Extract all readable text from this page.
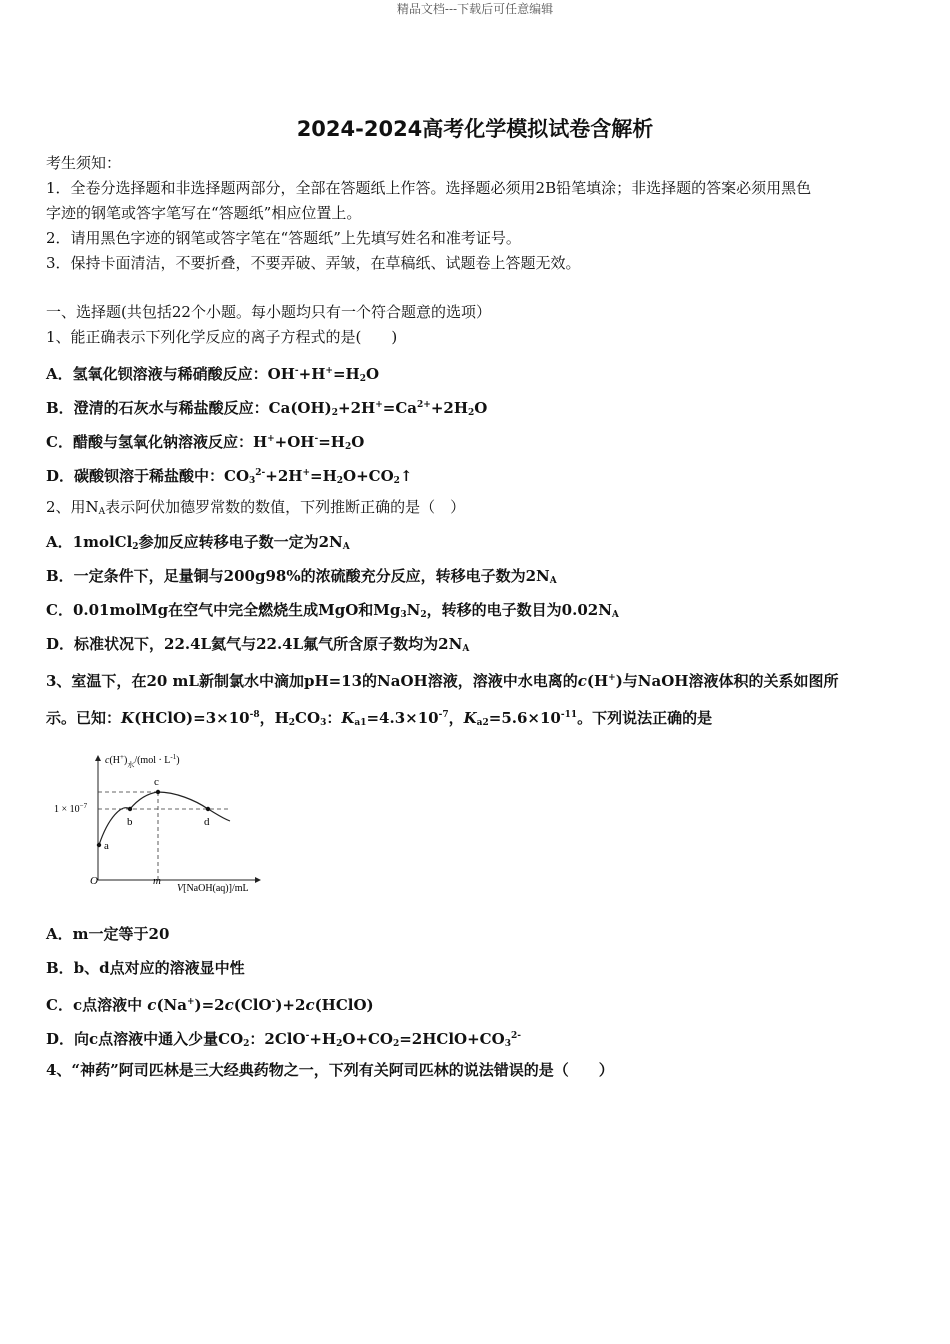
精品文档---下载后可任意编辑
2024-2024高考化学模拟试卷含解析
考生须知：
1．全卷分选择题和非选择题两部分，全部在答题纸上作答。选择题必须用2B铅笔填涂；非选择题的答案必须用黑色
字迹的钢笔或答字笔写在“答题纸”相应位置上。
2．请用黑色字迹的钢笔或答字笔在“答题纸”上先填写姓名和准考证号。
3．保持卡面清洁，不要折叠，不要弄破、弄皱，在草稿纸、试题卷上答题无效。
一、选择题(共包括22个小题。每小题均只有一个符合题意的选项）
1、能正确表示下列化学反应的离子方程式的是(　　)
A．氢氧化钡溶液与稀硝酸反应：$OH^-+H^+=H_2O$
B．澄清的石灰水与稀盐酸反应：$Ca(OH)_2+2H^+=Ca^{2+}+2H_2O$
C．醋酸与氢氧化钠溶液反应：$H^++OH^-=H_2O$
D．碳酸钡溶于稀盐酸中：$CO_3^{2-}+2H^+=H_2O+CO_2↑$
2、用$N_A$表示阿伏加德罗常数的数值，下列推断正确的是（　）
A．1molCl$_2$参加反应转移电子数一定为$2N_A$
B．一定条件下，足量铜与200g98%的浓硫酸充分反应，转移电子数为$2N_A$
C．0.01molMg在空气中完全燃烧生成MgO和$Mg_3N_2$，转移的电子数目为$0.02N_A$
D．标准状况下，22.4L氦气与22.4L氟气所含原子数均为$2N_A$
3、室温下，在20 mL新制氯水中滴加pH=13的NaOH溶液，溶液中水电离的c(H+)与NaOH溶液体积的关系如图所
示。已知：$K(HClO)=3\times 10^{-8}$，$H_2CO_3$：$K_{a1}=4.3\times 10^{-7}$，$K_{a2}=5.6\times 10^{-11}$。下列说法正确的是
a
b
c
d
$c(H^+)_水/(mol \cdot L^{-1})$
$1 \times 10^{-7}$
O	m
V[NaOH(aq)]/mL
A．m一定等于20
B．b、d点对应的溶液显中性
C．c点溶液中 c(Na+)=2c(ClO-)+2c(HClO)
D．向c点溶液中通入少量$CO_2$：$2ClO^-+H_2O+CO_2=2HClO+CO_3^{2-}$
4、“神药”阿司匹林是三大经典药物之一，下列有关阿司匹林的说法错误的是（　　）
